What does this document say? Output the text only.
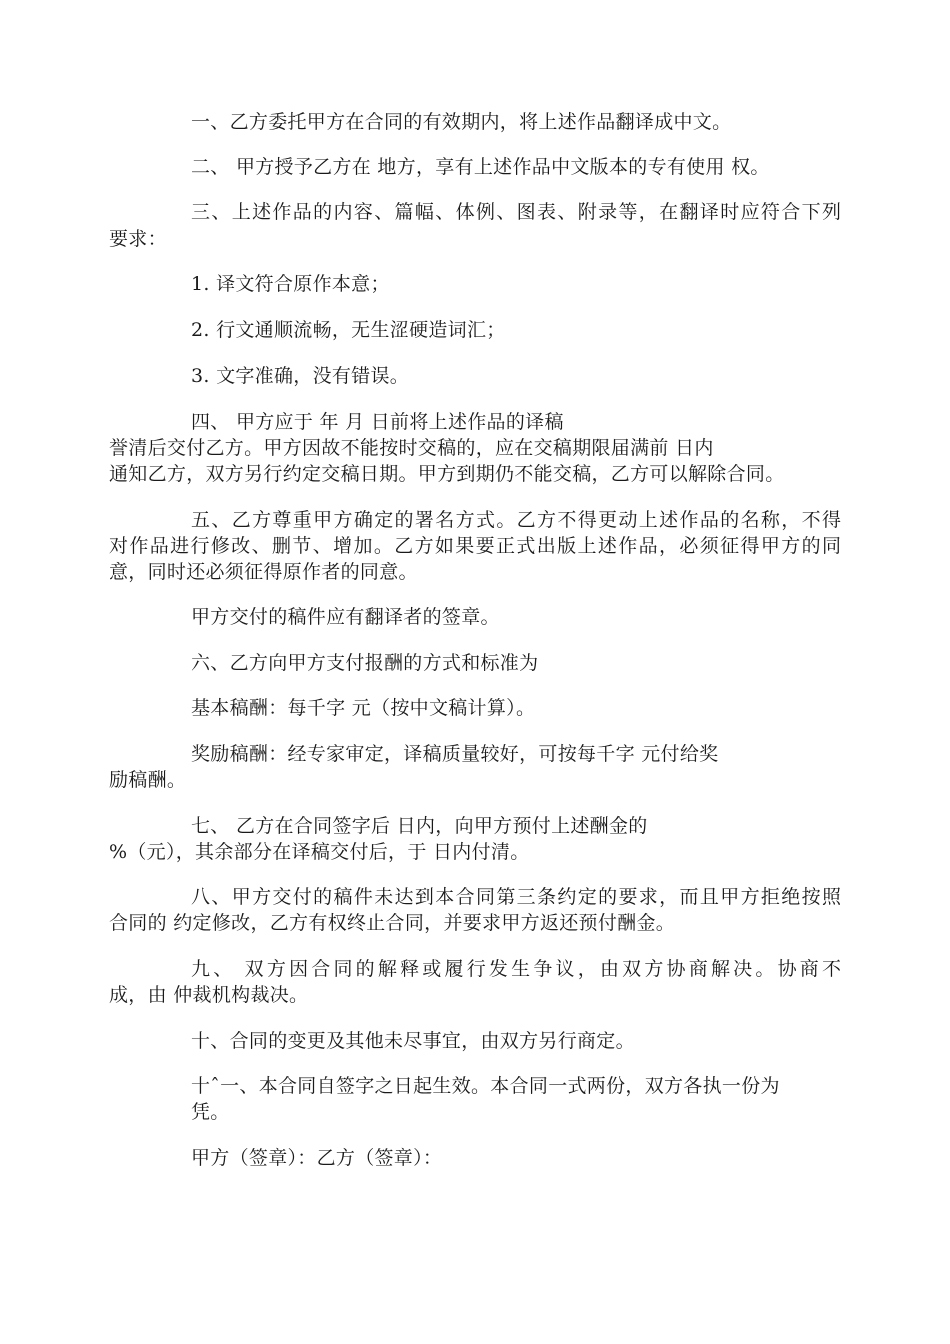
一、乙方委托甲方在合同的有效期内，将上述作品翻译成中文。
二、 甲方授予乙方在 地方，享有上述作品中文版本的专有使用 权。
三、上述作品的内容、篇幅、体例、图表、附录等，在翻译时应符合下列
要求：
1. 译文符合原作本意；
2. 行文通顺流畅，无生涩硬造词汇；
3. 文字准确，没有错误。
四、 甲方应于 年 月 日前将上述作品的译稿
誉清后交付乙方。甲方因故不能按时交稿的，应在交稿期限届满前 日内
通知乙方，双方另行约定交稿日期。甲方到期仍不能交稿，乙方可以解除合同。
五、乙方尊重甲方确定的署名方式。乙方不得更动上述作品的名称，不得
对作品进行修改、删节、增加。乙方如果要正式出版上述作品，必须征得甲方的同
意，同时还必须征得原作者的同意。
甲方交付的稿件应有翻译者的签章。
六、乙方向甲方支付报酬的方式和标准为
基本稿酬：每千字 元（按中文稿计算）。
奖励稿酬：经专家审定，译稿质量较好，可按每千字 元付给奖
励稿酬。
七、 乙方在合同签字后 日内，向甲方预付上述酬金的
%（元），其余部分在译稿交付后，于 日内付清。
八、甲方交付的稿件未达到本合同第三条约定的要求，而且甲方拒绝按照
合同的 约定修改，乙方有权终止合同，并要求甲方返还预付酬金。
九、 双方因合同的解释或履行发生争议，由双方协商解决。协商不
成，由 仲裁机构裁决。
十、合同的变更及其他未尽事宜，由双方另行商定。
十ˆ一、本合同自签字之日起生效。本合同一式两份，双方各执一份为
凭。
甲方（签章）：乙方（签章）：
